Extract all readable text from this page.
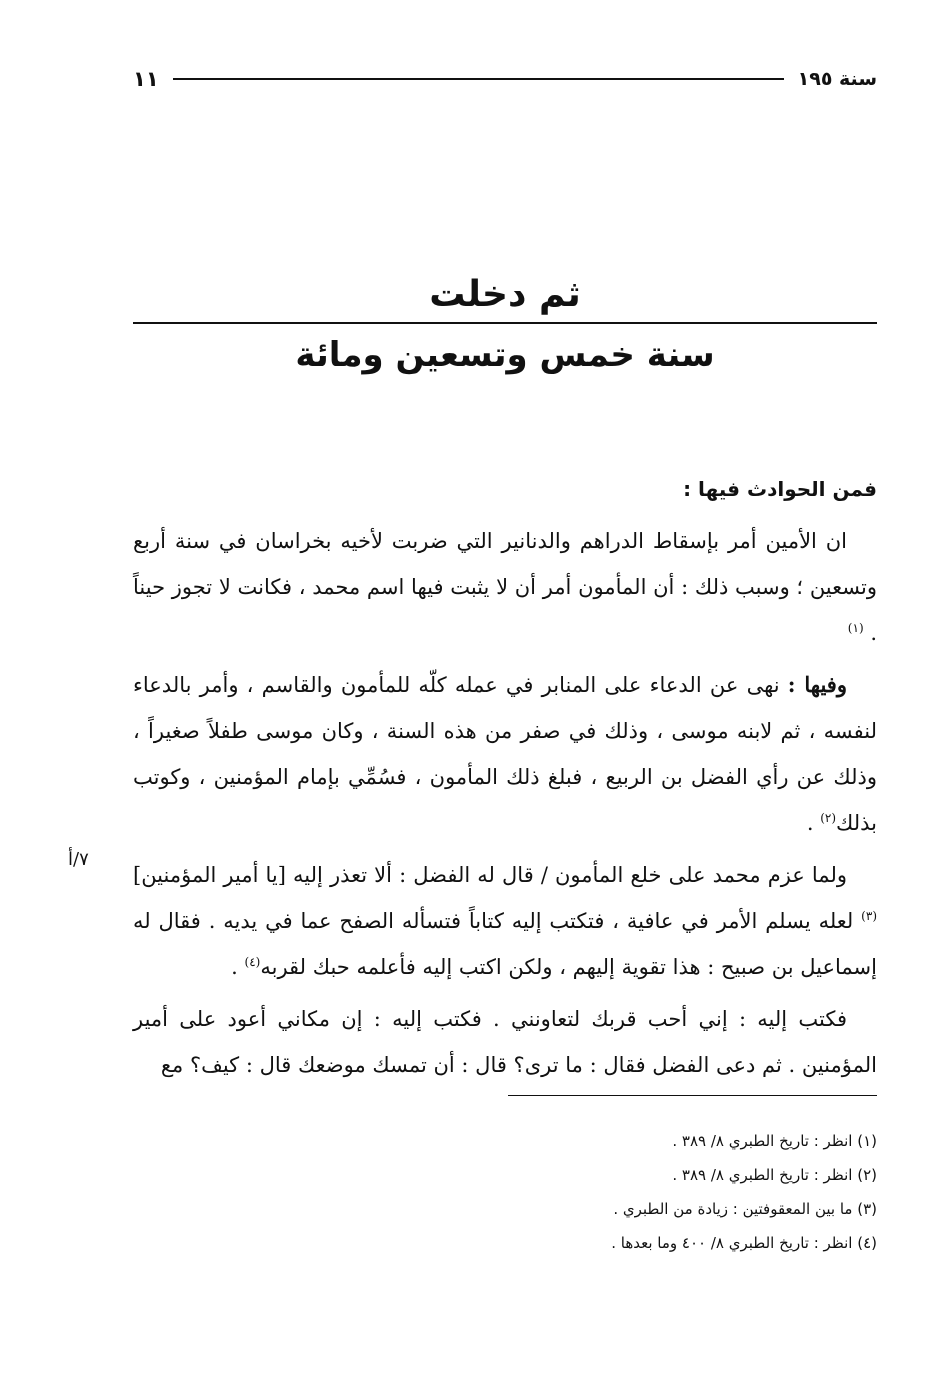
سنة ١٩٥
١١
ثم دخلت
سنة خمس وتسعين ومائة

فمن الحوادث فيها :

ان الأمين أمر بإسقاط الدراهم والدنانير التي ضربت لأخيه بخراسان في سنة أربع وتسعين ؛ وسبب ذلك : أن المأمون أمر أن لا يثبت فيها اسم محمد ، فكانت لا تجوز حيناً . $^{(١)}$

وفيها : نهى عن الدعاء على المنابر في عمله كلّه للمأمون والقاسم ، وأمر بالدعاء لنفسه ، ثم لابنه موسى ، وذلك في صفر من هذه السنة ، وكان موسى طفلاً صغيراً ، وذلك عن رأي الفضل بن الربيع ، فبلغ ذلك المأمون ، فسُمِّي بإمام المؤمنين ، وكوتب بذلك$^{(٢)}$ .

ولما عزم محمد على خلع المأمون / قال له الفضل : ألا تعذر إليه [يا أمير المؤمنين]$^{(٣)}$ لعله يسلم الأمر في عافية ، فتكتب إليه كتاباً فتسأله الصفح عما في يديه . فقال له إسماعيل بن صبيح : هذا تقوية إليهم ، ولكن اكتب إليه فأعلمه حبك لقربه$^{(٤)}$ .

فكتب إليه : إني أحب قربك لتعاونني . فكتب إليه : إن مكاني أعود على أمير المؤمنين . ثم دعى الفضل فقال : ما ترى؟ قال : أن تمسك موضعك قال : كيف؟ مع

٧/أ
(١) انظر : تاريخ الطبري ٨/ ٣٨٩ .
(٢) انظر : تاريخ الطبري ٨/ ٣٨٩ .
(٣) ما بين المعقوفتين : زيادة من الطبري .
(٤) انظر : تاريخ الطبري ٨/ ٤٠٠ وما بعدها .
